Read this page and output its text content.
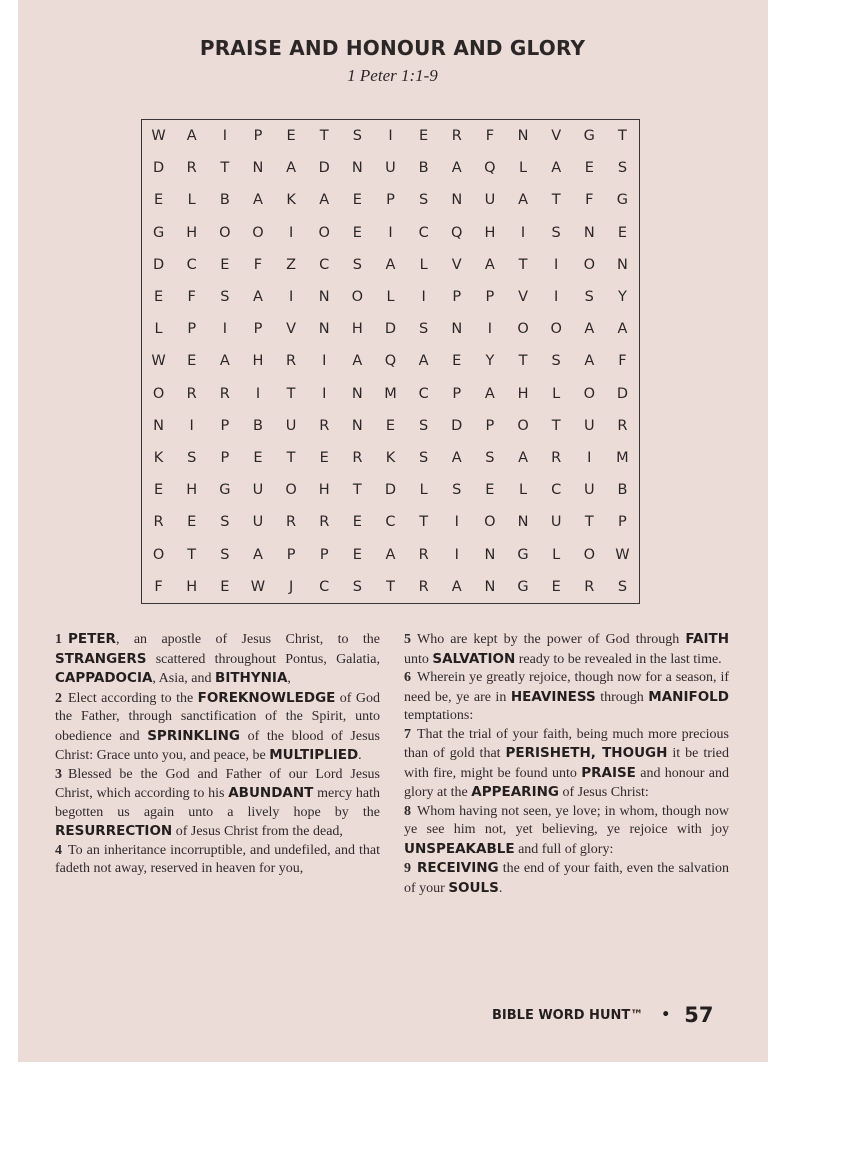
PRAISE AND HONOUR AND GLORY
1 Peter 1:1-9
W	A	I	P	E	T	S	I	E	R	F	N	V	G	T
D	R	T	N	A	D	N	U	B	A	Q	L	A	E	S
E	L	B	A	K	A	E	P	S	N	U	A	T	F	G
G	H	O	O	I	O	E	I	C	Q	H	I	S	N	E
D	C	E	F	Z	C	S	A	L	V	A	T	I	O	N
E	F	S	A	I	N	O	L	I	P	P	V	I	S	Y
L	P	I	P	V	N	H	D	S	N	I	O	O	A	A
W	E	A	H	R	I	A	Q	A	E	Y	T	S	A	F
O	R	R	I	T	I	N	M	C	P	A	H	L	O	D
N	I	P	B	U	R	N	E	S	D	P	O	T	U	R
K	S	P	E	T	E	R	K	S	A	S	A	R	I	M
E	H	G	U	O	H	T	D	L	S	E	L	C	U	B
R	E	S	U	R	R	E	C	T	I	O	N	U	T	P
O	T	S	A	P	P	E	A	R	I	N	G	L	O	W
F	H	E	W	J	C	S	T	R	A	N	G	E	R	S

1 PETER, an apostle of Jesus Christ, to the STRANGERS scattered throughout Pontus, Galatia, CAPPADOCIA, Asia, and BITHYNIA,

2 Elect according to the FOREKNOWLEDGE of God the Father, through sanctification of the Spirit, unto obedience and SPRINKLING of the blood of Jesus Christ: Grace unto you, and peace, be MULTIPLIED.

3 Blessed be the God and Father of our Lord Jesus Christ, which according to his ABUNDANT mercy hath begotten us again unto a lively hope by the RESURRECTION of Jesus Christ from the dead,

4 To an inheritance incorruptible, and undefiled, and that fadeth not away, reserved in heaven for you,

5 Who are kept by the power of God through FAITH unto SALVATION ready to be revealed in the last time.

6 Wherein ye greatly rejoice, though now for a season, if need be, ye are in HEAVINESS through MANIFOLD temptations:

7 That the trial of your faith, being much more precious than of gold that PERISHETH, THOUGH it be tried with fire, might be found unto PRAISE and honour and glory at the APPEARING of Jesus Christ:

8 Whom having not seen, ye love; in whom, though now ye see him not, yet believing, ye rejoice with joy UNSPEAKABLE and full of glory:

9 RECEIVING the end of your faith, even the salvation of your SOULS.

BIBLE WORD HUNT™ • 57
